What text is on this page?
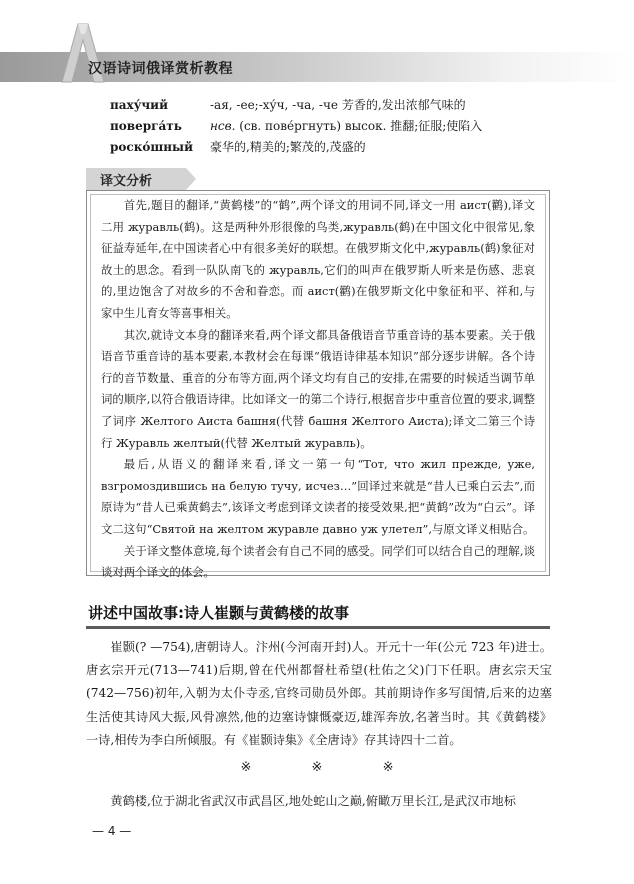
汉语诗词俄译赏析教程
паху́чий	-ая, -ее;-ху́ч, -ча, -че 芳香的,发出浓郁气味的
поверга́ть	нсв. (св. пове́ргнуть) высок. 推翻;征服;使陷入
роско́шный	豪华的,精美的;繁茂的,茂盛的
译文分析

首先,题目的翻译,“黄鹤楼”的“鹤”,两个译文的用词不同,译文一用 аист(鹳),译文二用 журавль(鹤)。这是两种外形很像的鸟类,журавль(鹤)在中国文化中很常见,象征益寿延年,在中国读者心中有很多美好的联想。在俄罗斯文化中,журавль(鹤)象征对故土的思念。看到一队队南飞的 журавль,它们的叫声在俄罗斯人听来是伤感、悲哀的,里边饱含了对故乡的不舍和眷恋。而 аист(鹳)在俄罗斯文化中象征和平、祥和,与家中生儿育女等喜事相关。

其次,就诗文本身的翻译来看,两个译文都具备俄语音节重音诗的基本要素。关于俄语音节重音诗的基本要素,本教材会在每课“俄语诗律基本知识”部分逐步讲解。各个诗行的音节数量、重音的分布等方面,两个译文均有自己的安排,在需要的时候适当调节单词的顺序,以符合俄语诗律。比如译文一的第二个诗行,根据音步中重音位置的要求,调整了词序 Желтого Аиста башня(代替 башня Желтого Аиста);译文二第三个诗行 Журавль желтый(代替 Желтый журавль)。

最后,从语义的翻译来看,译文一第一句“Тот, что жил прежде, уже, взгромоздившись на белую тучу, исчез…”回译过来就是“昔人已乘白云去”,而原诗为“昔人已乘黄鹤去”,该译文考虑到译文读者的接受效果,把“黄鹤”改为“白云”。译文二这句“Святой на желтом журавле давно уж улетел”,与原文译义相贴合。

关于译文整体意境,每个读者会有自己不同的感受。同学们可以结合自己的理解,谈谈对两个译文的体会。

讲述中国故事:诗人崔颢与黄鹤楼的故事

崔颢(? —754),唐朝诗人。汴州(今河南开封)人。开元十一年(公元 723 年)进士。唐玄宗开元(713—741)后期,曾在代州都督杜希望(杜佑之父)门下任职。唐玄宗天宝(742—756)初年,入朝为太仆寺丞,官终司勋员外郎。其前期诗作多写闺情,后来的边塞生活使其诗风大振,风骨凛然,他的边塞诗慷慨豪迈,雄浑奔放,名著当时。其《黄鹤楼》一诗,相传为李白所倾服。有《崔颢诗集》《全唐诗》存其诗四十二首。

※	※	※

黄鹤楼,位于湖北省武汉市武昌区,地处蛇山之巅,俯瞰万里长江,是武汉市地标

— 4 —
